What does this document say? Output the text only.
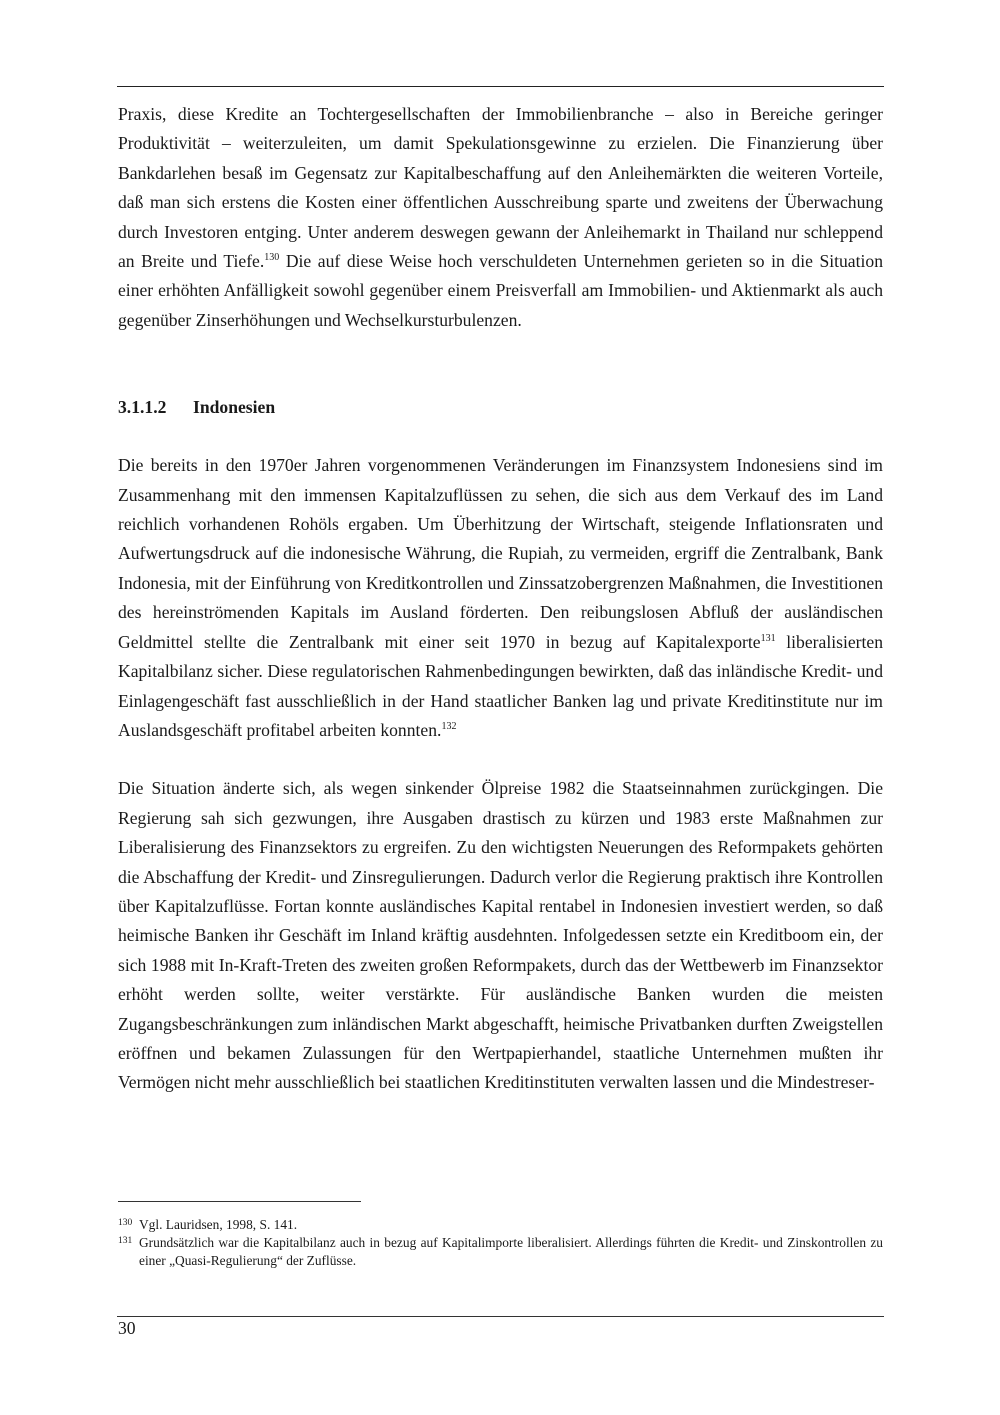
Praxis, diese Kredite an Tochtergesellschaften der Immobilienbranche – also in Bereiche geringer Produktivität – weiterzuleiten, um damit Spekulationsgewinne zu erzielen. Die Finanzierung über Bankdarlehen besaß im Gegensatz zur Kapitalbeschaffung auf den Anleihemärkten die weiteren Vorteile, daß man sich erstens die Kosten einer öffentlichen Ausschreibung sparte und zweitens der Überwachung durch Investoren entging. Unter anderem deswegen gewann der Anleihemarkt in Thailand nur schleppend an Breite und Tiefe.$^{130}$ Die auf diese Weise hoch verschuldeten Unternehmen gerieten so in die Situation einer erhöhten Anfälligkeit sowohl gegenüber einem Preisverfall am Immobilien- und Aktienmarkt als auch gegenüber Zinserhöhungen und Wechselkursturbulenzen.

3.1.1.2	Indonesien

Die bereits in den 1970er Jahren vorgenommenen Veränderungen im Finanzsystem Indonesiens sind im Zusammenhang mit den immensen Kapitalzuflüssen zu sehen, die sich aus dem Verkauf des im Land reichlich vorhandenen Rohöls ergaben. Um Überhitzung der Wirtschaft, steigende Inflationsraten und Aufwertungsdruck auf die indonesische Währung, die Rupiah, zu vermeiden, ergriff die Zentralbank, Bank Indonesia, mit der Einführung von Kreditkontrollen und Zinssatzobergrenzen Maßnahmen, die Investitionen des hereinströmenden Kapitals im Ausland förderten. Den reibungslosen Abfluß der ausländischen Geldmittel stellte die Zentralbank mit einer seit 1970 in bezug auf Kapitalexporte$^{131}$ liberalisierten Kapitalbilanz sicher. Diese regulatorischen Rahmenbedingungen bewirkten, daß das inländische Kredit- und Einlagengeschäft fast ausschließlich in der Hand staatlicher Banken lag und private Kreditinstitute nur im Auslandsgeschäft profitabel arbeiten konnten.$^{132}$

Die Situation änderte sich, als wegen sinkender Ölpreise 1982 die Staatseinnahmen zurückgingen. Die Regierung sah sich gezwungen, ihre Ausgaben drastisch zu kürzen und 1983 erste Maßnahmen zur Liberalisierung des Finanzsektors zu ergreifen. Zu den wichtigsten Neuerungen des Reformpakets gehörten die Abschaffung der Kredit- und Zinsregulierungen. Dadurch verlor die Regierung praktisch ihre Kontrollen über Kapitalzuflüsse. Fortan konnte ausländisches Kapital rentabel in Indonesien investiert werden, so daß heimische Banken ihr Geschäft im Inland kräftig ausdehnten. Infolgedessen setzte ein Kreditboom ein, der sich 1988 mit In-Kraft-Treten des zweiten großen Reformpakets, durch das der Wettbewerb im Finanzsektor erhöht werden sollte, weiter verstärkte. Für ausländische Banken wurden die meisten Zugangsbeschränkungen zum inländischen Markt abgeschafft, heimische Privatbanken durften Zweigstellen eröffnen und bekamen Zulassungen für den Wertpapierhandel, staatliche Unternehmen mußten ihr Vermögen nicht mehr ausschließlich bei staatlichen Kreditinstituten verwalten lassen und die Mindestreser-

130 Vgl. Lauridsen, 1998, S. 141.
131 Grundsätzlich war die Kapitalbilanz auch in bezug auf Kapitalimporte liberalisiert. Allerdings führten die Kredit- und Zinskontrollen zu einer „Quasi-Regulierung“ der Zuflüsse.
30
